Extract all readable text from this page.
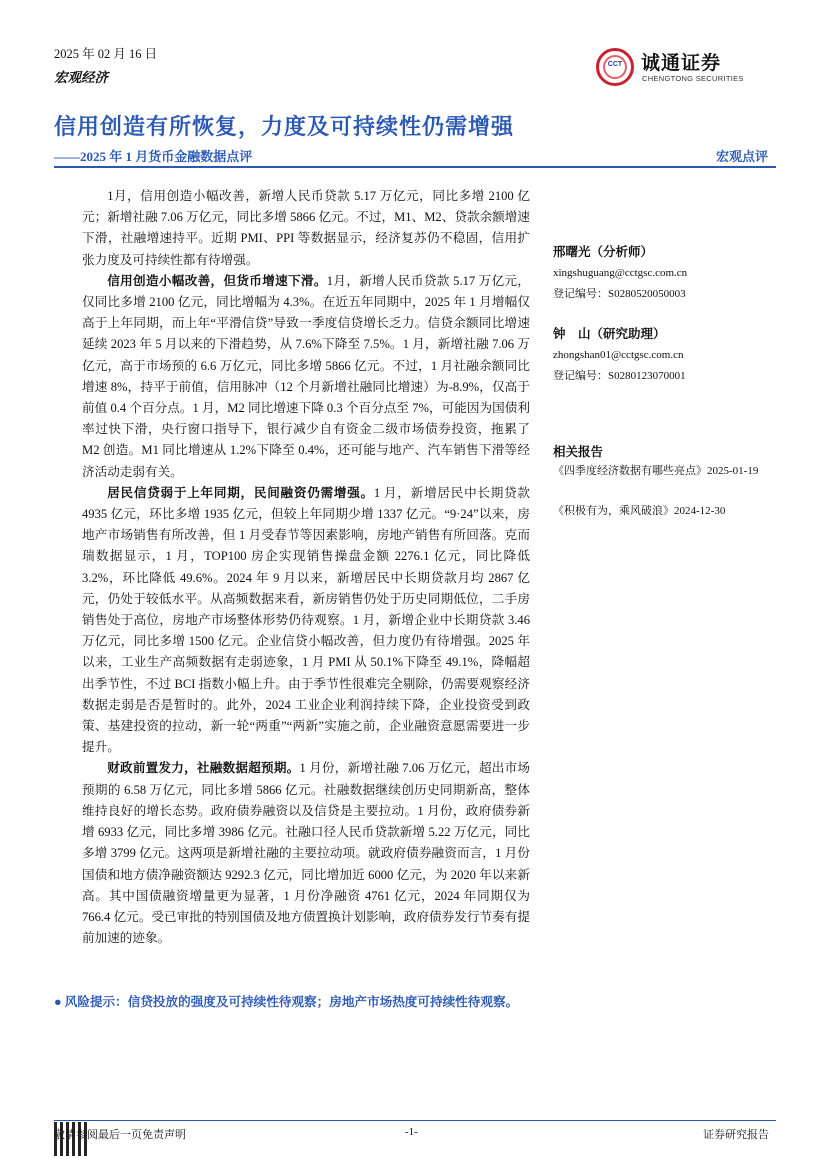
2025 年 02 月 16 日
宏观经济
CCT 诚通证券
CHENGTONG SECURITIES
信用创造有所恢复，力度及可持续性仍需增强
——2025 年 1 月货币金融数据点评	宏观点评

1月，信用创造小幅改善，新增人民币贷款 5.17 万亿元，同比多增 2100 亿元；新增社融 7.06 万亿元，同比多增 5866 亿元。不过，M1、M2、贷款余额增速下滑，社融增速持平。近期 PMI、PPI 等数据显示，经济复苏仍不稳固，信用扩张力度及可持续性都有待增强。

信用创造小幅改善，但货币增速下滑。1月，新增人民币贷款 5.17 万亿元，仅同比多增 2100 亿元，同比增幅为 4.3%。在近五年同期中，2025 年 1 月增幅仅高于上年同期，而上年“平滑信贷”导致一季度信贷增长乏力。信贷余额同比增速延续 2023 年 5 月以来的下滑趋势，从 7.6%下降至 7.5%。1 月，新增社融 7.06 万亿元，高于市场预的 6.6 万亿元，同比多增 5866 亿元。不过，1 月社融余额同比增速 8%，持平于前值，信用脉冲（12 个月新增社融同比增速）为-8.9%，仅高于前值 0.4 个百分点。1 月，M2 同比增速下降 0.3 个百分点至 7%，可能因为国债利率过快下滑，央行窗口指导下，银行减少自有资金二级市场债券投资，拖累了 M2 创造。M1 同比增速从 1.2%下降至 0.4%，还可能与地产、汽车销售下滑等经济活动走弱有关。

居民信贷弱于上年同期，民间融资仍需增强。1 月，新增居民中长期贷款 4935 亿元，环比多增 1935 亿元，但较上年同期少增 1337 亿元。“9·24”以来，房地产市场销售有所改善，但 1 月受春节等因素影响，房地产销售有所回落。克而瑞数据显示，1 月，TOP100 房企实现销售操盘金额 2276.1 亿元，同比降低 3.2%，环比降低 49.6%。2024 年 9 月以来，新增居民中长期贷款月均 2867 亿元，仍处于较低水平。从高频数据来看，新房销售仍处于历史同期低位，二手房销售处于高位，房地产市场整体形势仍待观察。1 月，新增企业中长期贷款 3.46 万亿元，同比多增 1500 亿元。企业信贷小幅改善，但力度仍有待增强。2025 年以来，工业生产高频数据有走弱迹象，1 月 PMI 从 50.1%下降至 49.1%，降幅超出季节性，不过 BCI 指数小幅上升。由于季节性很难完全剔除，仍需要观察经济数据走弱是否是暂时的。此外，2024 工业企业利润持续下降，企业投资受到政策、基建投资的拉动，新一轮“两重”“两新”实施之前，企业融资意愿需要进一步提升。

财政前置发力，社融数据超预期。1 月份，新增社融 7.06 万亿元，超出市场预期的 6.58 万亿元，同比多增 5866 亿元。社融数据继续创历史同期新高，整体维持良好的增长态势。政府债券融资以及信贷是主要拉动。1 月份，政府债券新增 6933 亿元，同比多增 3986 亿元。社融口径人民币贷款新增 5.22 万亿元，同比多增 3799 亿元。这两项是新增社融的主要拉动项。就政府债券融资而言，1 月份国债和地方债净融资额达 9292.3 亿元，同比增加近 6000 亿元，为 2020 年以来新高。其中国债融资增量更为显著，1 月份净融资 4761 亿元，2024 年同期仅为 766.4 亿元。受已审批的特别国债及地方债置换计划影响，政府债券发行节奏有提前加速的迹象。

● 风险提示：信贷投放的强度及可持续性待观察；房地产市场热度可持续性待观察。
邢曙光（分析师）
xingshuguang@cctgsc.com.cn
登记编号：S0280520050003
钟　山（研究助理）
zhongshan01@cctgsc.com.cn
登记编号：S0280123070001
相关报告
《四季度经济数据有哪些亮点》2025-01-19
《积极有为，乘风破浪》2024-12-30
敬请参阅最后一页免责声明	-1-	证券研究报告
